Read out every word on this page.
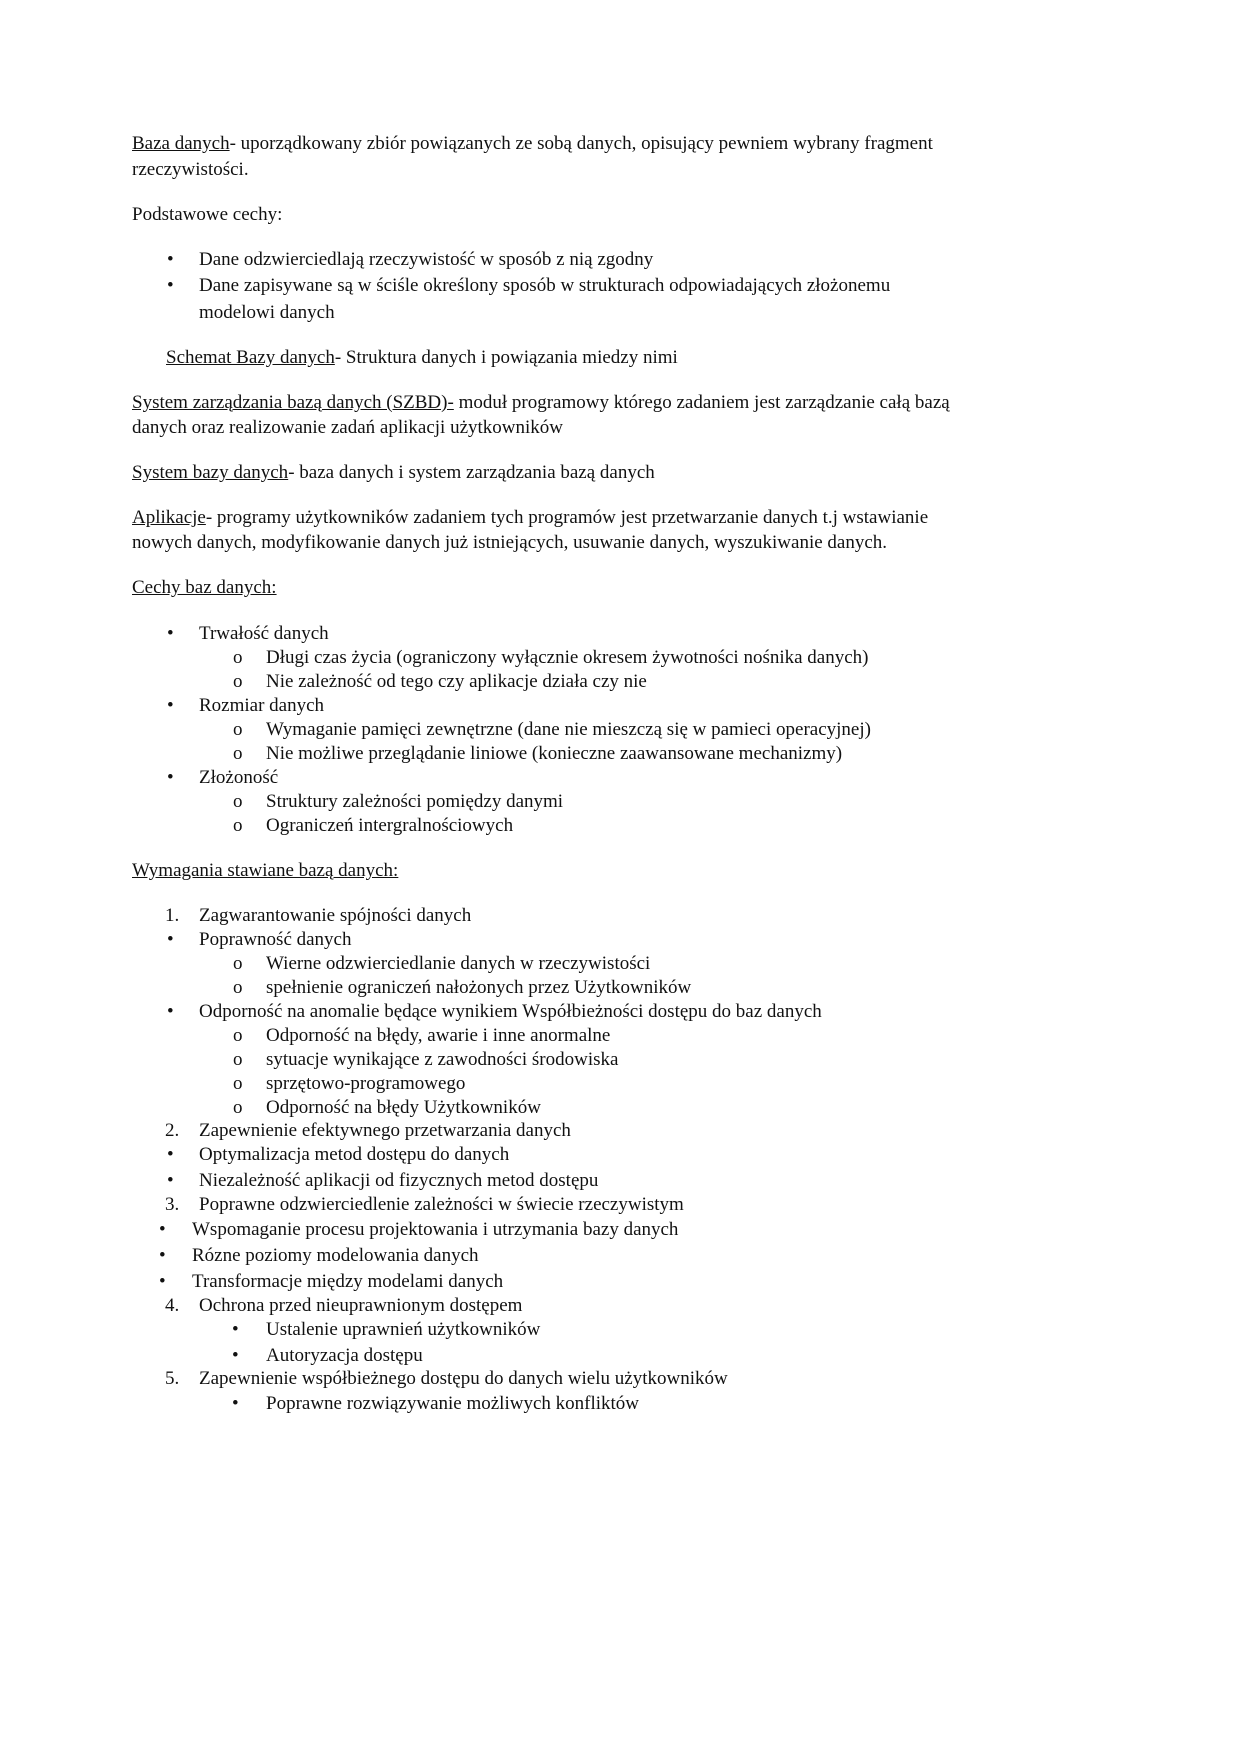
Baza danych- uporządkowany zbiór powiązanych ze sobą danych, opisujący pewniem wybrany fragment
rzeczywistości.
Podstawowe cechy:
• Dane odzwierciedlają rzeczywistość w sposób z nią zgodny
• Dane zapisywane są w ściśle określony sposób w strukturach odpowiadających złożonemu
modelowi danych
Schemat Bazy danych- Struktura danych i powiązania miedzy nimi
System zarządzania bazą danych (SZBD)- moduł programowy którego zadaniem jest zarządzanie całą bazą
danych oraz realizowanie zadań aplikacji użytkowników
System bazy danych- baza danych i system zarządzania bazą danych
Aplikacje- programy użytkowników zadaniem tych programów jest przetwarzanie danych t.j wstawianie
nowych danych, modyfikowanie danych już istniejących, usuwanie danych, wyszukiwanie danych.
Cechy baz danych:
• Trwałość danych
o Długi czas życia (ograniczony wyłącznie okresem żywotności nośnika danych)
o Nie zależność od tego czy aplikacje działa czy nie
• Rozmiar danych
o Wymaganie pamięci zewnętrzne (dane nie mieszczą się w pamieci operacyjnej)
o Nie możliwe przeglądanie liniowe (konieczne zaawansowane mechanizmy)
• Złożoność
o Struktury zależności pomiędzy danymi
o Ograniczeń intergralnościowych
Wymagania stawiane bazą danych:
1. Zagwarantowanie spójności danych
• Poprawność danych
o Wierne odzwierciedlanie danych w rzeczywistości
o spełnienie ograniczeń nałożonych przez Użytkowników
• Odporność na anomalie będące wynikiem Współbieżności dostępu do baz danych
o Odporność na błędy, awarie i inne anormalne
o sytuacje wynikające z zawodności środowiska
o sprzętowo-programowego
o Odporność na błędy Użytkowników
2. Zapewnienie efektywnego przetwarzania danych
• Optymalizacja metod dostępu do danych
• Niezależność aplikacji od fizycznych metod dostępu
3. Poprawne odzwierciedlenie zależności w świecie rzeczywistym
• Wspomaganie procesu projektowania i utrzymania bazy danych
• Rózne poziomy modelowania danych
• Transformacje między modelami danych
4. Ochrona przed nieuprawnionym dostępem
• Ustalenie uprawnień użytkowników
• Autoryzacja dostępu
5. Zapewnienie współbieżnego dostępu do danych wielu użytkowników
• Poprawne rozwiązywanie możliwych konfliktów
